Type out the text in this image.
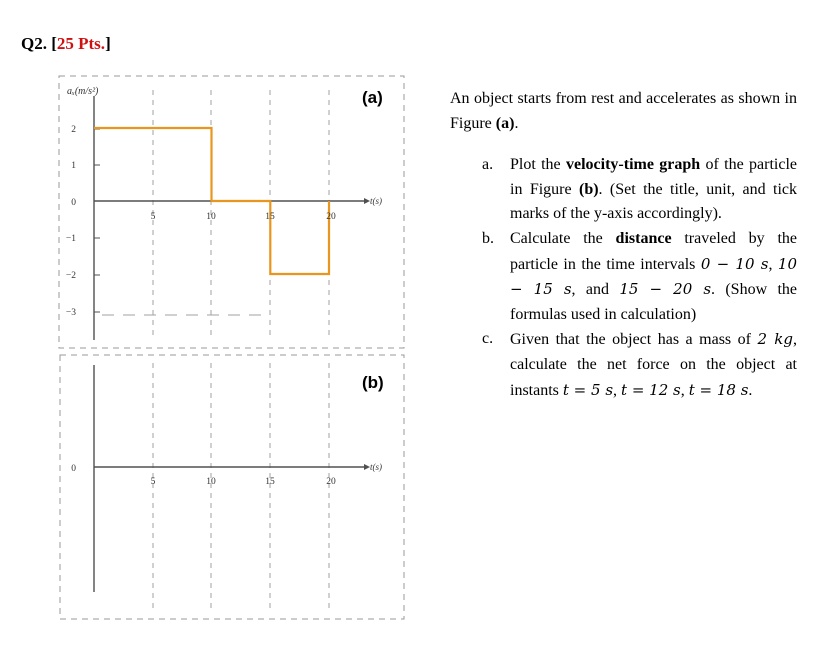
Q2. [25 Pts.]
aₓ(m/s²)	(a)
t(s)
2
1
0
−1
−2
−3
5	10	15	20
(b)
t(s)
0
5	10	15	20

An object starts from rest and accelerates as shown in Figure (a).

a. Plot the velocity-time graph of the particle in Figure (b). (Set the title, unit, and tick marks of the y-axis accordingly).
b. Calculate the distance traveled by the particle in the time intervals 0 − 10 s, 10 − 15 s, and 15 − 20 s. (Show the formulas used in calculation)
c. Given that the object has a mass of 2 kg, calculate the net force on the object at instants t = 5 s, t = 12 s, t = 18 s.
